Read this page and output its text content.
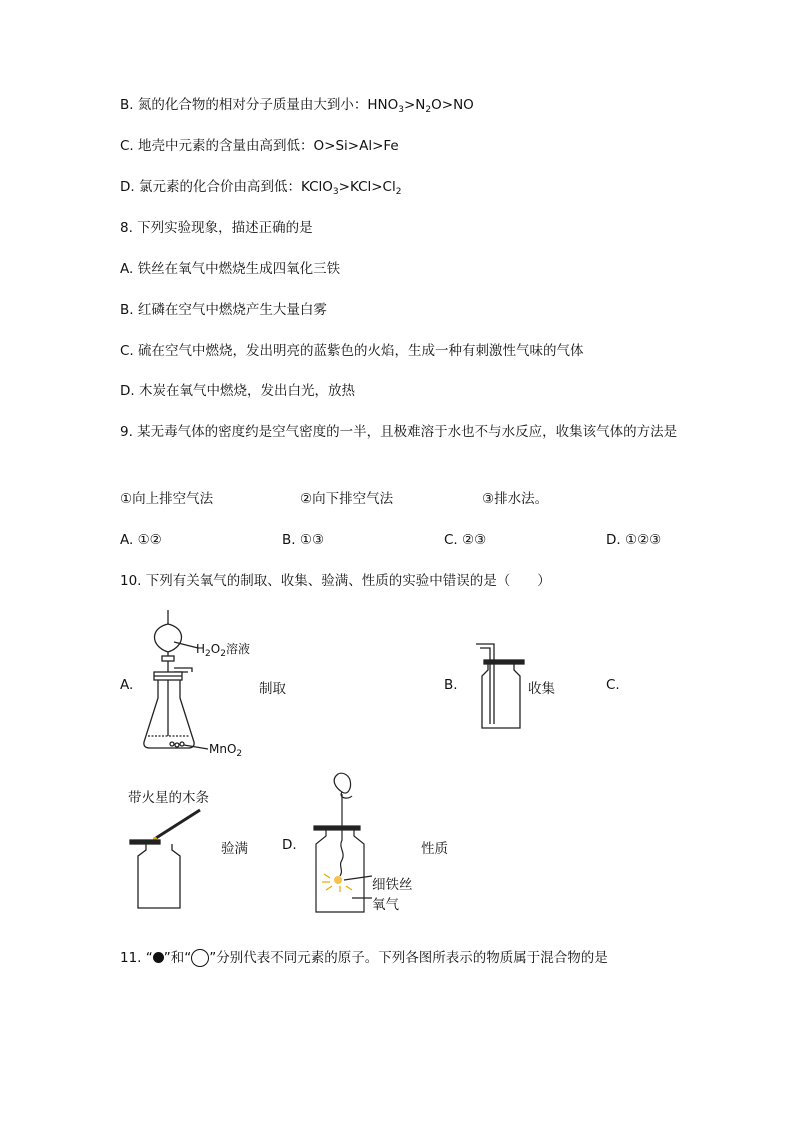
B. 氮的化合物的相对分子质量由大到小：$HNO_3>N_2O>NO$
C. 地壳中元素的含量由高到低：O>Si>Al>Fe
D. 氯元素的化合价由高到低：$KClO_3>KCl>Cl_2$
8. 下列实验现象，描述正确的是
A. 铁丝在氧气中燃烧生成四氧化三铁
B. 红磷在空气中燃烧产生大量白雾
C. 硫在空气中燃烧，发出明亮的蓝紫色的火焰，生成一种有刺激性气味的气体
D. 木炭在氧气中燃烧，发出白光，放热
9. 某无毒气体的密度约是空气密度的一半，且极难溶于水也不与水反应，收集该气体的方法是
①向上排空气法	②向下排空气法	③排水法。
A. ①②	B. ①③	C. ②③	D. ①②③
10. 下列有关氧气的制取、收集、验满、性质的实验中错误的是（　　）
$H_2O_2$溶液
MnO$_2$
A.	制取	B.	收集	C.
带火星的木条
验满	D.
细铁丝
氧气
性质
11. “ ”和“ ”分别代表不同元素的原子。下列各图所表示的物质属于混合物的是
